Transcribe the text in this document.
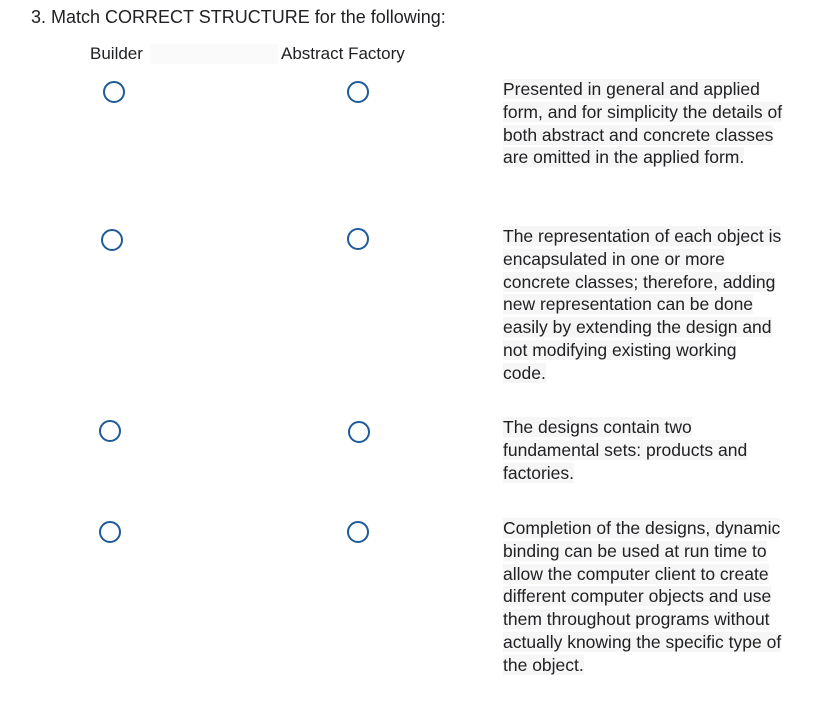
3. Match CORRECT STRUCTURE for the following:
Builder	Abstract Factory
Presented in general and applied form, and for simplicity the details of both abstract and concrete classes are omitted in the applied form.
The representation of each object is encapsulated in one or more concrete classes; therefore, adding new representation can be done easily by extending the design and not modifying existing working code.
The designs contain two fundamental sets: products and factories.
Completion of the designs, dynamic binding can be used at run time to allow the computer client to create different computer objects and use them throughout programs without actually knowing the specific type of the object.
